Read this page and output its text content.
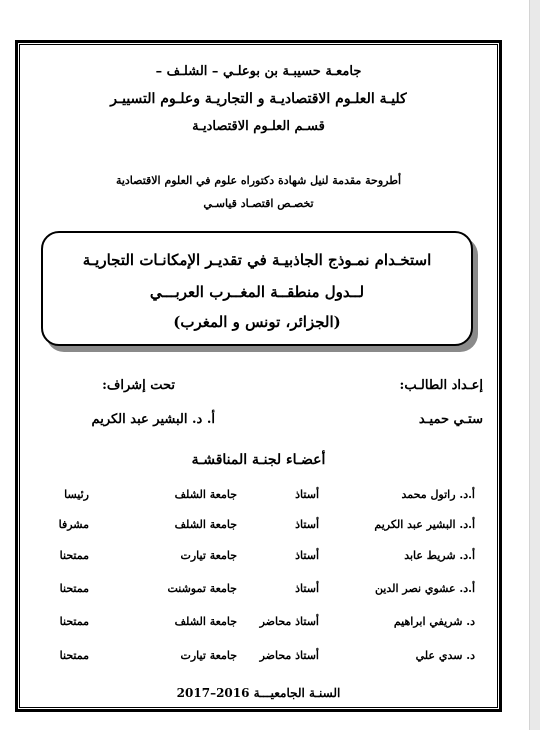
جامعـة حسيبـة بن بوعلـي – الشلـف –
كليـة العلـوم الاقتصاديـة و التجاريـة وعلـوم التسييـر
قسـم العلـوم الاقتصاديـة
أطروحة مقدمة لنيل شهادة دكتوراه علوم في العلوم الاقتصادية
تخصـص اقتصـاد قياسـي
استخـدام نمـوذج الجاذبيـة في تقديـر الإمكانـات التجاريـة
لــدول منطقــة المغــرب العربـــي
(الجزائر، تونس و المغرب)
إعـداد الطالـب:
تحت إشراف:
ستـي حميـد
أ. د. البشير عبد الكريم
أعضـاء لجنـة المناقشـة
أ.د. راتول محمد
أستاذ
جامعة الشلف
رئيسا
أ.د. البشير عبد الكريم
أستاذ
جامعة الشلف
مشرفا
أ.د. شريط عابد
أستاذ
جامعة تيارت
ممتحنا
أ.د. عشوي نصر الدين
أستاذ
جامعة تموشنت
ممتحنا
د. شريفي ابراهيم
أستاذ محاضر
جامعة الشلف
ممتحنا
د. سدي علي
أستاذ محاضر
جامعة تيارت
ممتحنا
السنـة الجامعيـــة 2016–2017
